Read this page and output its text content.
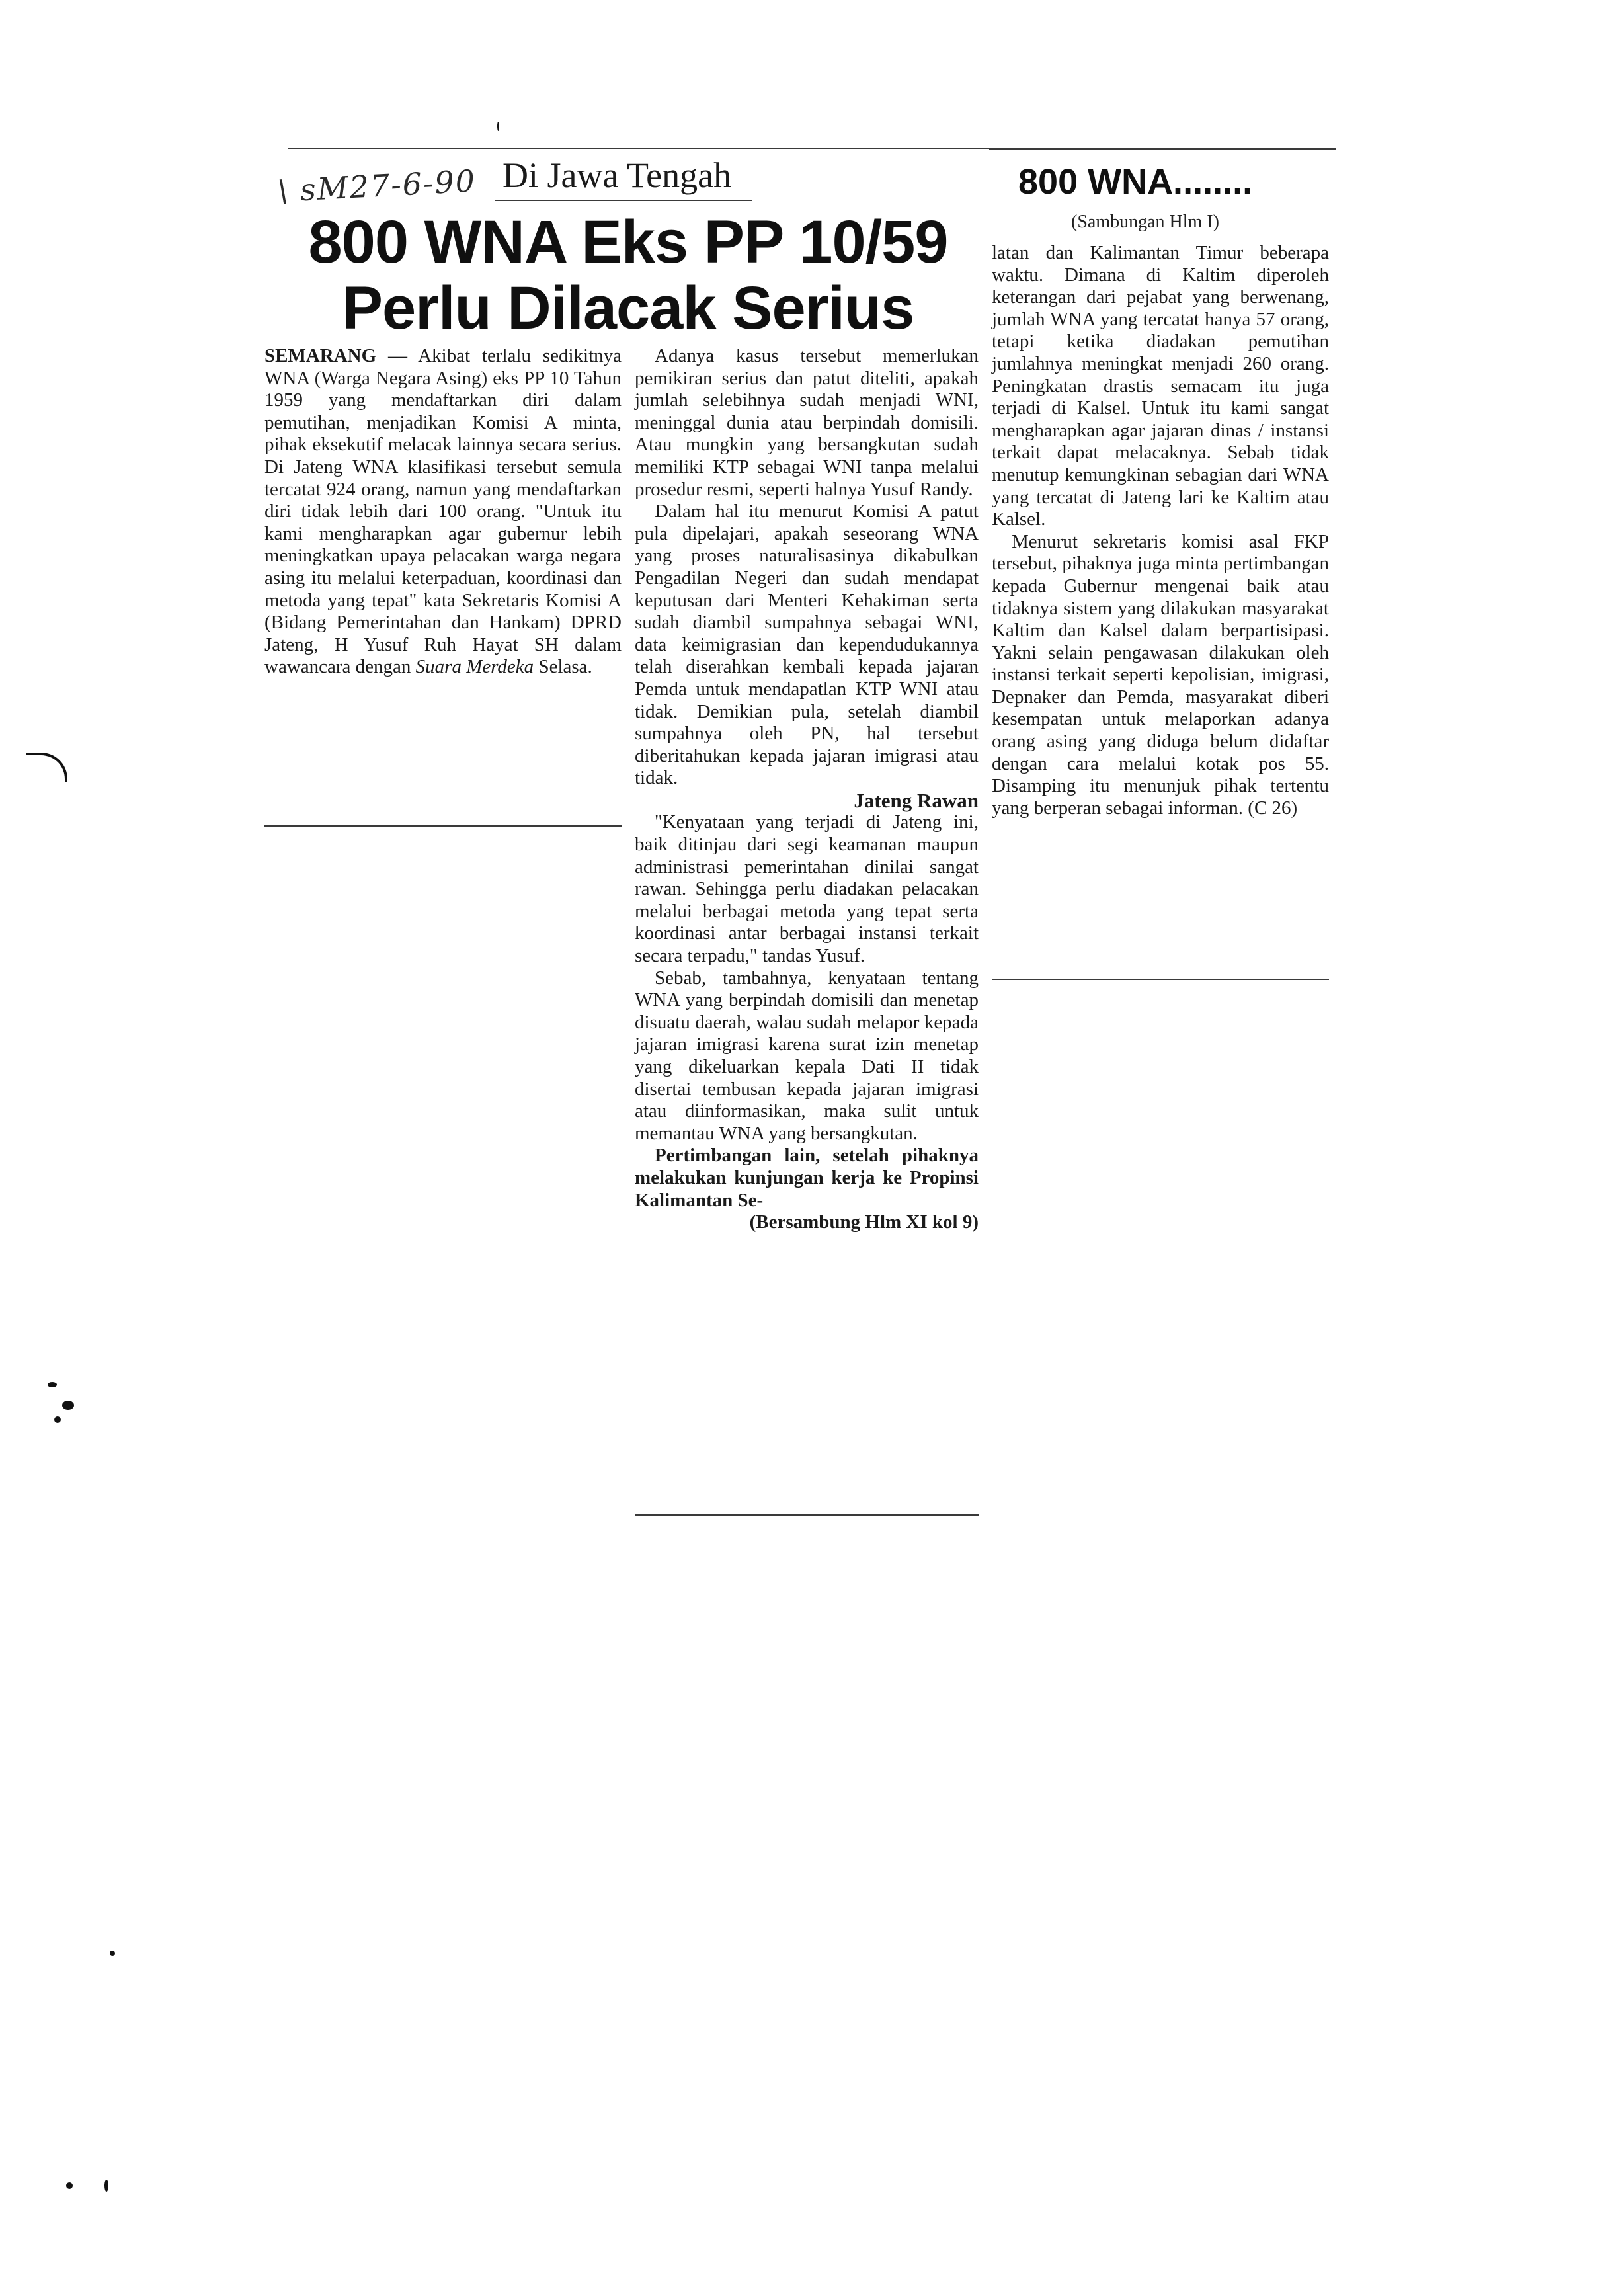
\ sM27-6-90 Di Jawa Tengah
800 WNA Eks PP 10/59
Perlu Dilacak Serius
800 WNA........
(Sambungan Hlm I)

SEMARANG — Akibat terlalu sedikitnya WNA (Warga Negara Asing) eks PP 10 Tahun 1959 yang mendaftarkan diri dalam pemutihan, menjadikan Komisi A minta, pihak eksekutif melacak lainnya secara serius. Di Jateng WNA klasifikasi tersebut semula tercatat 924 orang, namun yang mendaftarkan diri tidak lebih dari 100 orang. "Untuk itu kami mengharapkan agar gubernur lebih meningkatkan upaya pelacakan warga negara asing itu melalui keterpaduan, koordinasi dan metoda yang tepat" kata Sekretaris Komisi A (Bidang Pemerintahan dan Hankam) DPRD Jateng, H Yusuf Ruh Hayat SH dalam wawancara dengan Suara Merdeka Selasa.

Adanya kasus tersebut memerlukan pemikiran serius dan patut diteliti, apakah jumlah selebihnya sudah menjadi WNI, meninggal dunia atau berpindah domisili. Atau mungkin yang bersangkutan sudah memiliki KTP sebagai WNI tanpa melalui prosedur resmi, seperti halnya Yusuf Randy.

Dalam hal itu menurut Komisi A patut pula dipelajari, apakah seseorang WNA yang proses naturalisasinya dikabulkan Pengadilan Negeri dan sudah mendapat keputusan dari Menteri Kehakiman serta sudah diambil sumpahnya sebagai WNI, data keimigrasian dan kependudukannya telah diserahkan kembali kepada jajaran Pemda untuk mendapatlan KTP WNI atau tidak. Demikian pula, setelah diambil sumpahnya oleh PN, hal tersebut diberitahukan kepada jajaran imigrasi atau tidak.

Jateng Rawan

"Kenyataan yang terjadi di Jateng ini, baik ditinjau dari segi keamanan maupun administrasi pemerintahan dinilai sangat rawan. Sehingga perlu diadakan pelacakan melalui berbagai metoda yang tepat serta koordinasi antar berbagai instansi terkait secara terpadu," tandas Yusuf.

Sebab, tambahnya, kenyataan tentang WNA yang berpindah domisili dan menetap disuatu daerah, walau sudah melapor kepada jajaran imigrasi karena surat izin menetap yang dikeluarkan kepala Dati II tidak disertai tembusan kepada jajaran imigrasi atau diinformasikan, maka sulit untuk memantau WNA yang bersangkutan.

Pertimbangan lain, setelah pihaknya melakukan kunjungan kerja ke Propinsi Kalimantan Se-

(Bersambung Hlm XI kol 9)

latan dan Kalimantan Timur beberapa waktu. Dimana di Kaltim diperoleh keterangan dari pejabat yang berwenang, jumlah WNA yang tercatat hanya 57 orang, tetapi ketika diadakan pemutihan jumlahnya meningkat menjadi 260 orang. Peningkatan drastis semacam itu juga terjadi di Kalsel. Untuk itu kami sangat mengharapkan agar jajaran dinas / instansi terkait dapat melacaknya. Sebab tidak menutup kemungkinan sebagian dari WNA yang tercatat di Jateng lari ke Kaltim atau Kalsel.

Menurut sekretaris komisi asal FKP tersebut, pihaknya juga minta pertimbangan kepada Gubernur mengenai baik atau tidaknya sistem yang dilakukan masyarakat Kaltim dan Kalsel dalam berpartisipasi. Yakni selain pengawasan dilakukan oleh instansi terkait seperti kepolisian, imigrasi, Depnaker dan Pemda, masyarakat diberi kesempatan untuk melaporkan adanya orang asing yang diduga belum didaftar dengan cara melalui kotak pos 55. Disamping itu menunjuk pihak tertentu yang berperan sebagai informan. (C 26)
